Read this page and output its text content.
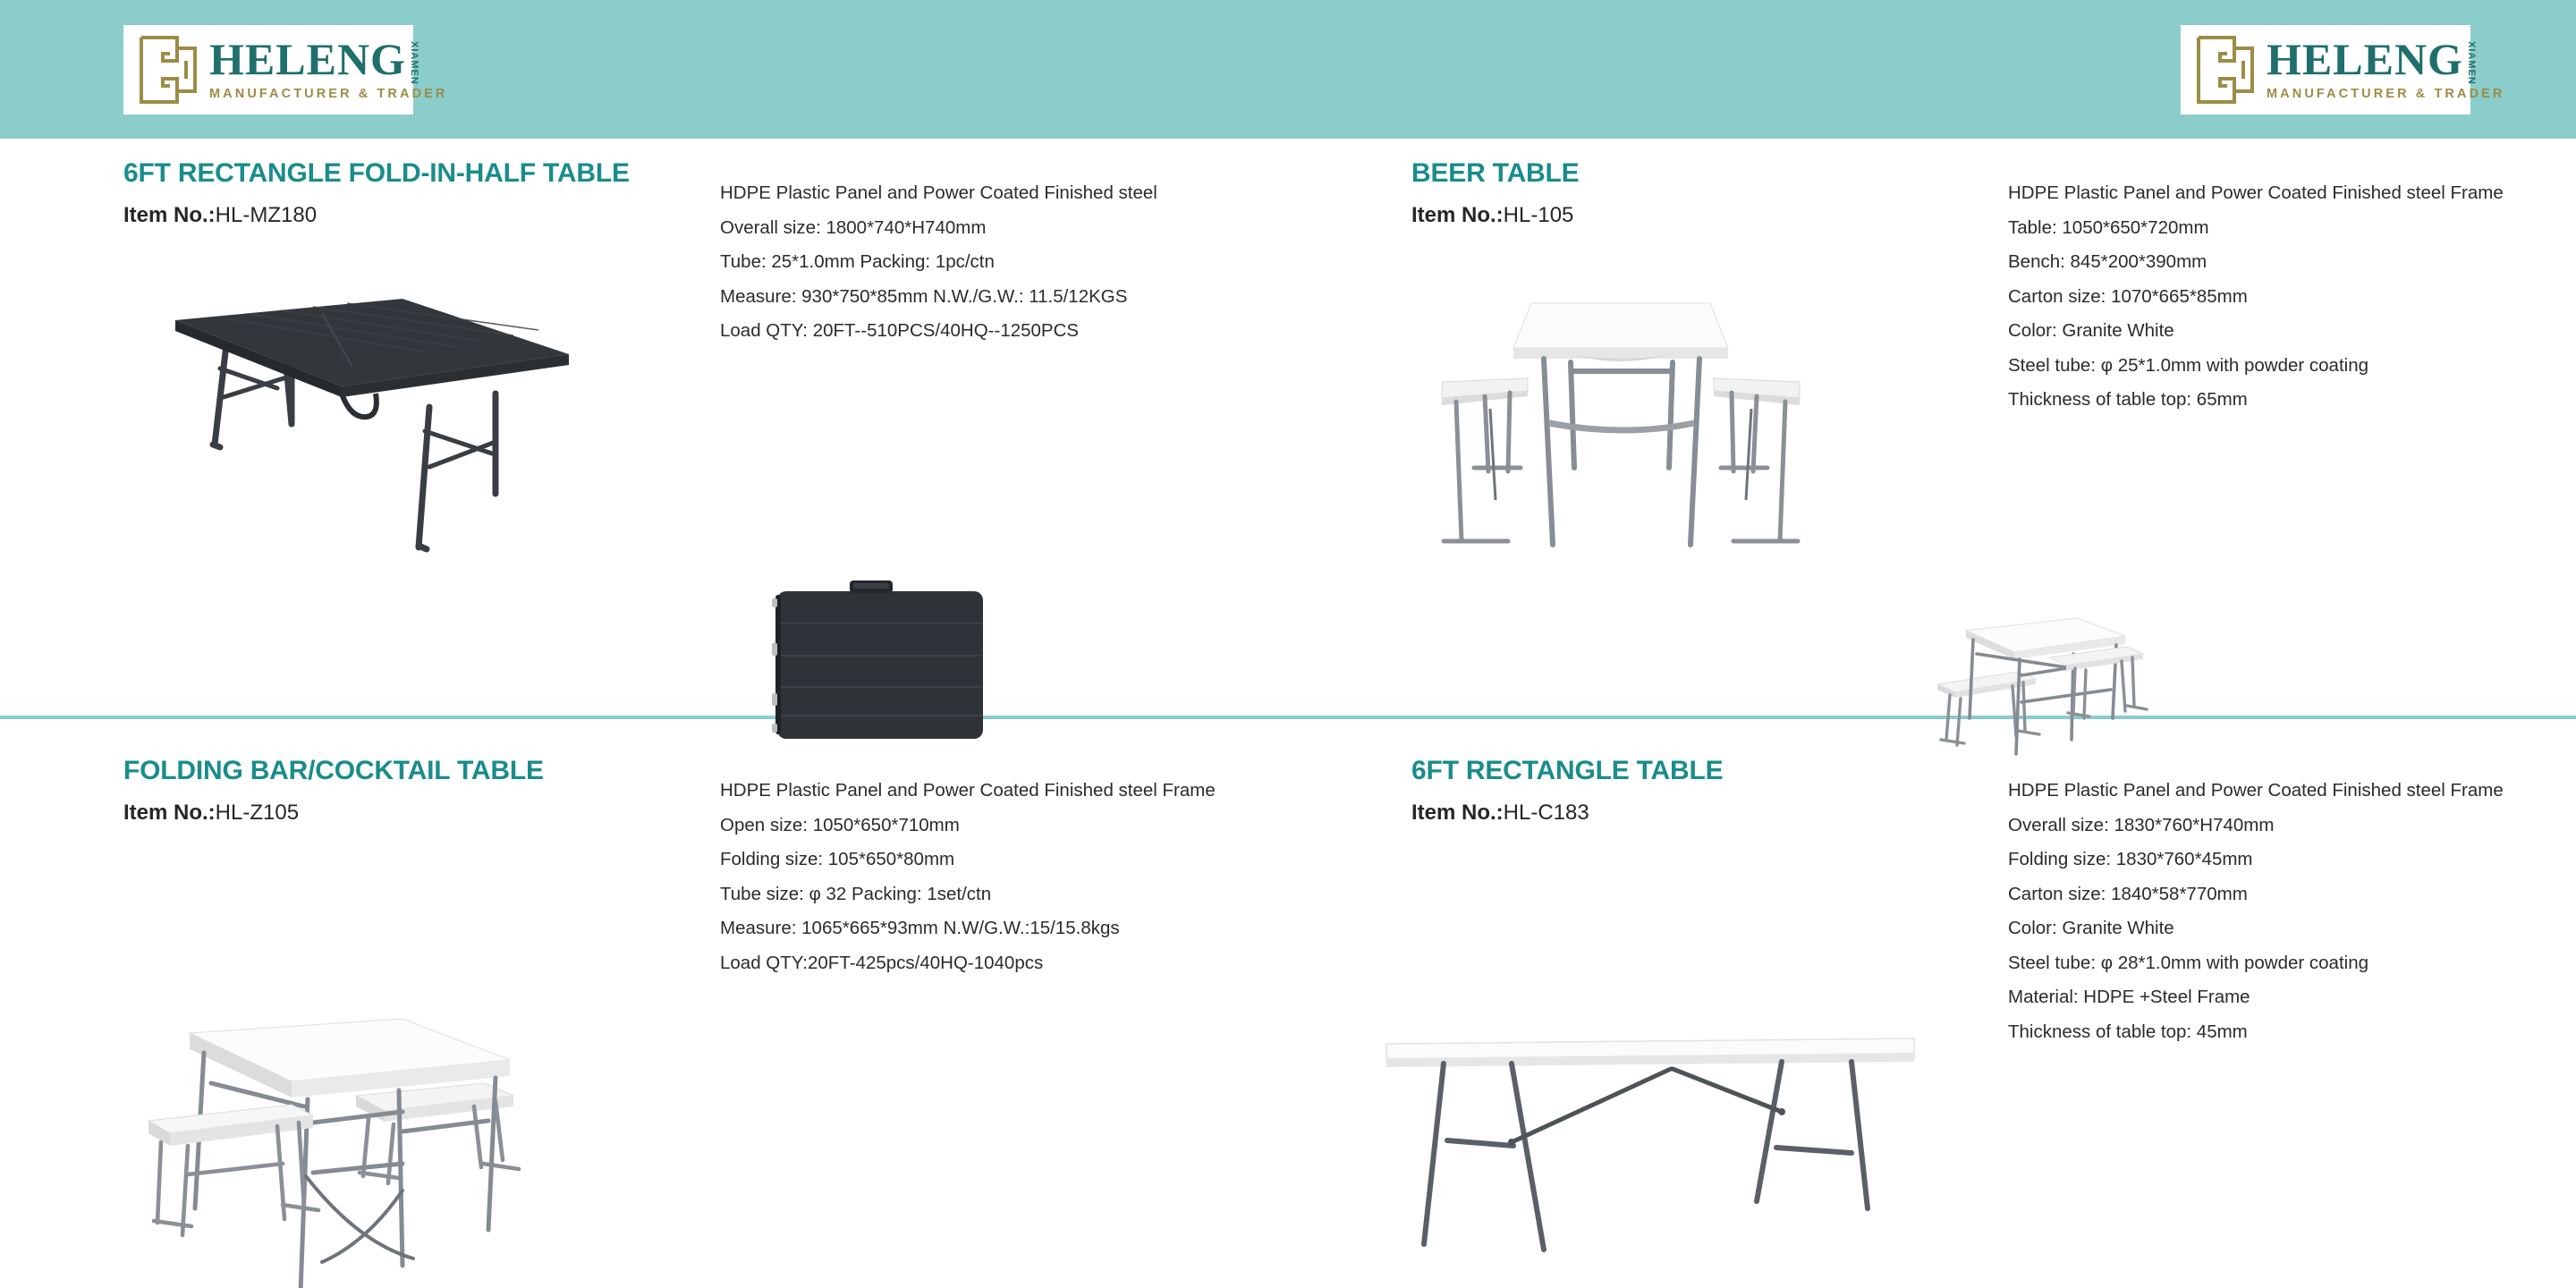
HELENG XIAMEN
MANUFACTURER & TRADER
HELENG XIAMEN
MANUFACTURER & TRADER
6FT RECTANGLE FOLD-IN-HALF TABLE
Item No.:HL-MZ180
HDPE Plastic Panel and Power Coated Finished steel
Overall size: 1800*740*H740mm
Tube: 25*1.0mm Packing: 1pc/ctn
Measure: 930*750*85mm N.W./G.W.: 11.5/12KGS
Load QTY: 20FT--510PCS/40HQ--1250PCS
BEER TABLE
Item No.:HL-105
HDPE Plastic Panel and Power Coated Finished steel Frame
Table: 1050*650*720mm
Bench: 845*200*390mm
Carton size: 1070*665*85mm
Color: Granite White
Steel tube: φ 25*1.0mm with powder coating
Thickness of table top: 65mm
FOLDING BAR/COCKTAIL TABLE
Item No.:HL-Z105
HDPE Plastic Panel and Power Coated Finished steel Frame
Open size: 1050*650*710mm
Folding size: 105*650*80mm
Tube size: φ 32 Packing: 1set/ctn
Measure: 1065*665*93mm N.W/G.W.:15/15.8kgs
Load QTY:20FT-425pcs/40HQ-1040pcs
6FT RECTANGLE TABLE
Item No.:HL-C183
HDPE Plastic Panel and Power Coated Finished steel Frame
Overall size: 1830*760*H740mm
Folding size: 1830*760*45mm
Carton size: 1840*58*770mm
Color: Granite White
Steel tube: φ 28*1.0mm with powder coating
Material: HDPE +Steel Frame
Thickness of table top: 45mm
